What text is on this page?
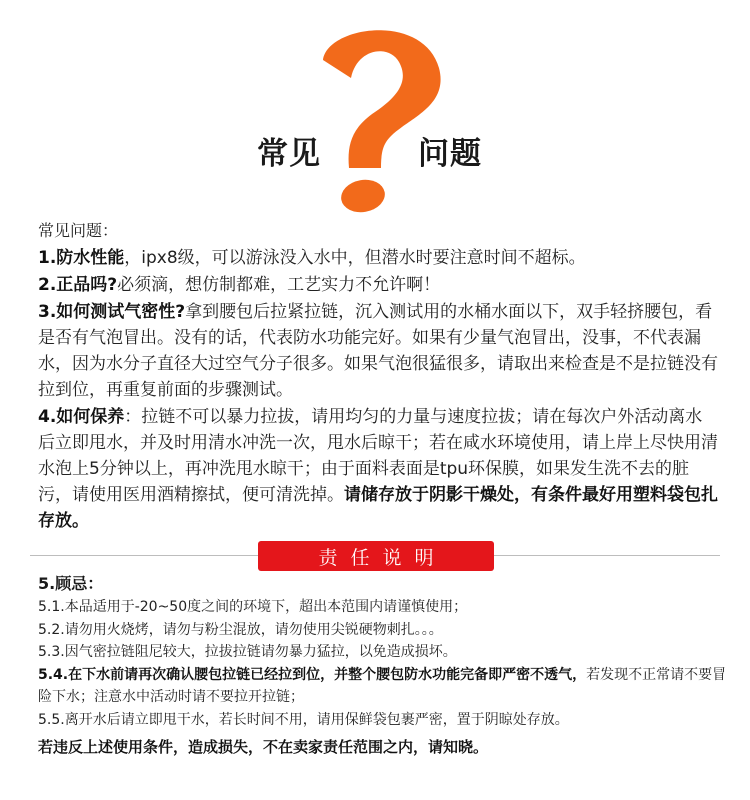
常见	问题

常见问题：

1.防水性能，ipx8级，可以游泳没入水中，但潜水时要注意时间不超标。

2.正品吗?必须滴，想仿制都难，工艺实力不允许啊！

3.如何测试气密性?拿到腰包后拉紧拉链，沉入测试用的水桶水面以下，双手轻挤腰包，看是否有气泡冒出。没有的话，代表防水功能完好。如果有少量气泡冒出，没事，不代表漏水，因为水分子直径大过空气分子很多。如果气泡很猛很多，请取出来检查是不是拉链没有拉到位，再重复前面的步骤测试。

4.如何保养：拉链不可以暴力拉拔，请用均匀的力量与速度拉拔；请在每次户外活动离水后立即甩水，并及时用清水冲洗一次，甩水后晾干；若在咸水环境使用，请上岸上尽快用清水泡上5分钟以上，再冲洗甩水晾干；由于面料表面是tpu环保膜，如果发生洗不去的脏污，请使用医用酒精擦拭，便可清洗掉。请储存放于阴影干燥处，有条件最好用塑料袋包扎存放。

责任说明

5.顾忌：

5.1.本品适用于-20~50度之间的环境下，超出本范围内请谨慎使用；

5.2.请勿用火烧烤，请勿与粉尘混放，请勿使用尖锐硬物刺扎。。。

5.3.因气密拉链阻尼较大，拉拔拉链请勿暴力猛拉，以免造成损坏。

5.4.在下水前请再次确认腰包拉链已经拉到位，并整个腰包防水功能完备即严密不透气，若发现不正常请不要冒险下水；注意水中活动时请不要拉开拉链；

5.5.离开水后请立即甩干水，若长时间不用，请用保鲜袋包裹严密，置于阴晾处存放。

若违反上述使用条件，造成损失，不在卖家责任范围之内，请知晓。
